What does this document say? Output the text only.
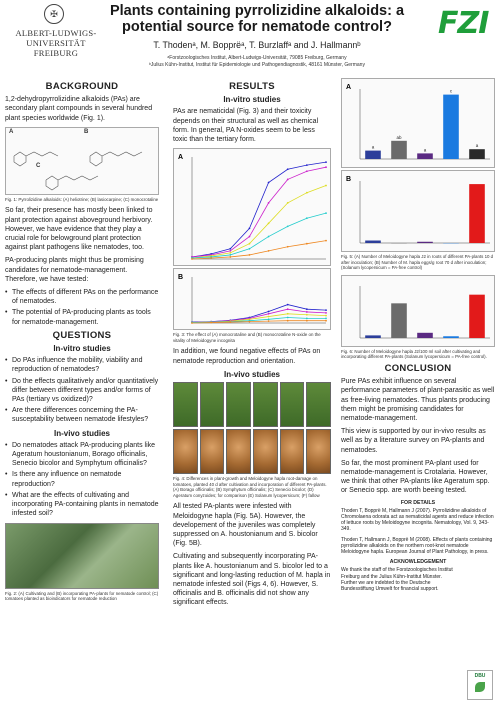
✠
ALBERT-LUDWIGS-
UNIVERSITÄT FREIBURG
Plants containing pyrrolizidine alkaloids: a potential source for nematode control?
T. Thodenᵃ, M. Bopprëᵃ, T. Burzlaffᵃ and J. Hallmannᵇ
ᵃForstzoologisches Institut, Albert-Ludwigs-Universität, 79085 Freiburg, Germany
ᵇJulius Kühn-Institut, Institut für Epidemiologie und Pathogendiagnostik, 48161 Münster, Germany
FZI
BACKGROUND

1,2-dehydropyrrolizidine alkaloids (PAs) are secondary plant compounds in several hundred plant species worldwide (Fig. 1).

A	B
C
Fig. 1: Pyrrolizidine alkaloids: (A) heliotrine; (B) lasiocarpine; (C) monocrotaline

So far, their presence has mostly been linked to plant protection against aboveground herbivory. However, we have evidence that they play a crucial role for belowground plant protection against plant pathogens like nematodes, too.

PA-producing plants might thus be promising candidates for nematode-management. Therefore, we have tested:

• The effects of different PAs on the performance of nematodes.
• The potential of PA-producing plants as tools for nematode-management.
QUESTIONS
In-vitro studies
• Do PAs influence the mobility, viability and reproduction of nematodes?
• Do the effects qualitatively and/or quantitatively differ between different types and/or forms of PAs (tertiary vs oxidized)?
• Are there differences concerning the PA-susceptability between nematode lifestyles?
In-vivo studies
• Do nematodes attack PA-producing plants like Ageratum houstonianum, Borago officinalis, Senecio bicolor and Symphytum officinalis?
• Is there any influence on nematode reproduction?
• What are the effects of cultivating and incorporating PA-containing plants in nematode infested soil?
Fig. 2: (A) Cultivating and (B) incorporating PA-plants for nematode control; (C) tomatoes planted as bioindicators for nematode reduction
RESULTS
In-vitro studies

PAs are nematicidal (Fig. 3) and their toxicity depends on their structural as well as chemical form. In general, PA N-oxides seem to be less toxic than the tertiary form.

A
B
Fig. 3: The effect of (A) monocrotaline and (B) monocrotaline N-oxide on the vitality of Meloidogyne incognita

In addition, we found negative effects of PAs on nematode reproduction and orientation.

In-vivo studies
Fig. 4: Differences in plant-growth and Meloidogyne hapla root-damage on tomatoes, planted 40 d after cultivation and incorporation of different PA-plants. (A) Borago officinalis; (B) Symphytum officinalis; (C) Senecio bicolor; (D) Ageratum conyzoides; for comparison (E) Solanum lycopersicum; (F) fallow

All tested PA-plants were infested with Meloidogyne hapla (Fig. 5A). However, the developement of the juveniles was completely suppressed on A. houstonianum and S. bicolor (Fig. 5B).

Cultivating and subsequently incorporating PA-plants like A. houstonianum and S. bicolor led to a significant and long-lasting reduction of M. hapla in nematode infested soil (Figs 4, 6). However, S. officinalis and B. officinalis did not show any significant effects.

A
a
ab
a
c
a
B
Fig. 5: (A) Number of Meloidogyne hapla J2 in roots of different PA-plants 10 d after inoculation; (B) Number of M. hapla eggs/g root 70 d after inoculation; (Solanum lycopersicum = PA-free control)
Fig. 6: Number of Meloidogyne hapla J2/100 ml soil after cultivating and incorporating different PA-plants (Solanum lycopersicum = PA-free control).
CONCLUSION

Pure PAs exhibit influence on several performance parameters of plant-parasitic as well as free-living nematodes. Thus plants producing them might be promising candidates for nematode-management.

This view is supported by our in-vivo results as well as by a literature survey on PA-plants and nematodes.

So far, the most prominent PA-plant used for nematode-management is Crotalaria. However, we think that other PA-plants like Ageratum spp. or Senecio spp. are worth beeing tested.

FOR DETAILS

Thoden T, Bopprë M, Hallmann J (2007). Pyrrolizidine alkaloids of Chromolaena odorata act as nematicidal agents and reduce infection of lettuce roots by Meloidogyne incognita. Nematology, Vol. 9, 343-349.

Thoden T, Hallmann J, Bopprë M (2008). Effects of plants containing pyrrolizidine alkaloids on the northern root-knot nematode Meloidogyne hapla. European Journal of Plant Pathology, in press.

ACKNOWLEDGEMENT

We thank the staff of the Forstzoologisches Institut Freiburg and the Julius Kühn-Institut Münster. Further we are indebted to the Deutsche Bundesstiftung Umwelt for financial support.

DBU
